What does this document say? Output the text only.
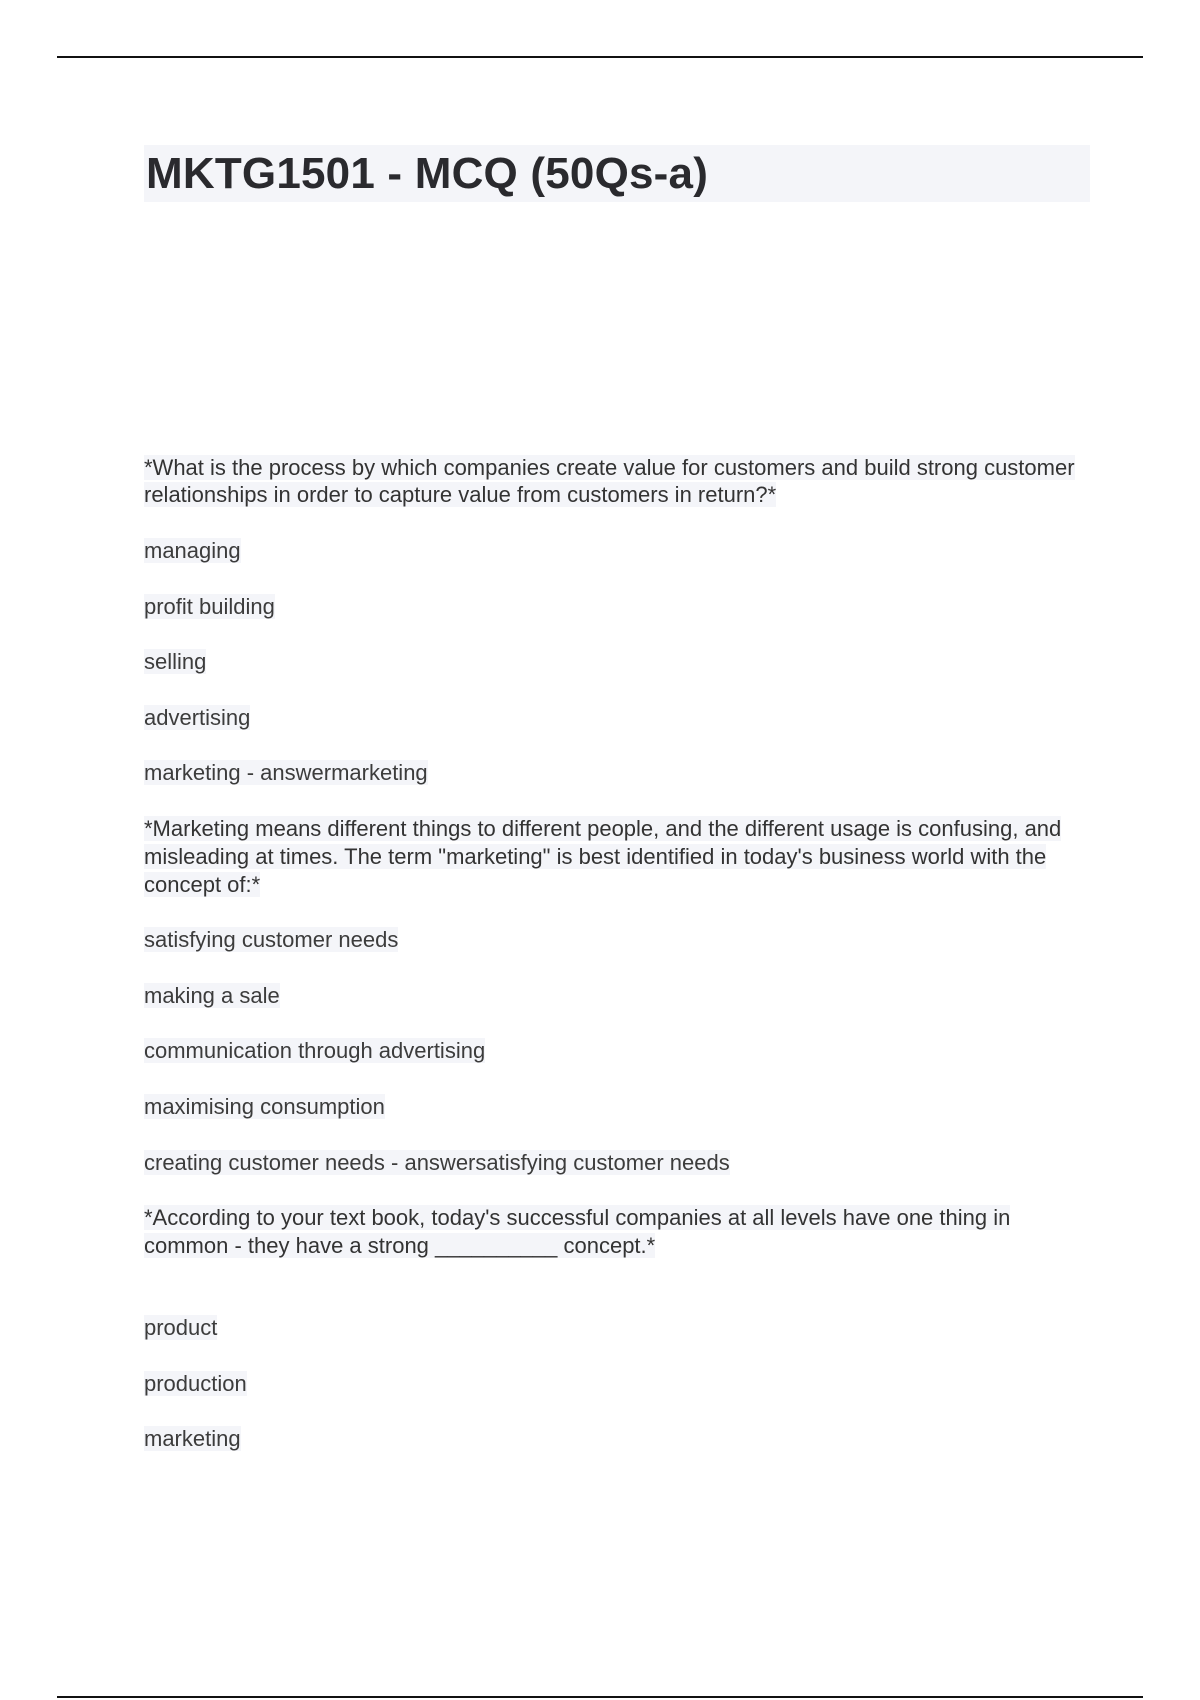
MKTG1501 - MCQ (50Qs-a)

*What is the process by which companies create value for customers and build strong customer relationships in order to capture value from customers in return?*

managing

profit building

selling

advertising

marketing - answermarketing

*Marketing means different things to different people, and the different usage is confusing, and misleading at times. The term "marketing" is best identified in today's business world with the concept of:*

satisfying customer needs

making a sale

communication through advertising

maximising consumption

creating customer needs - answersatisfying customer needs

*According to your text book, today's successful companies at all levels have one thing in common - they have a strong __________ concept.*

product

production

marketing
